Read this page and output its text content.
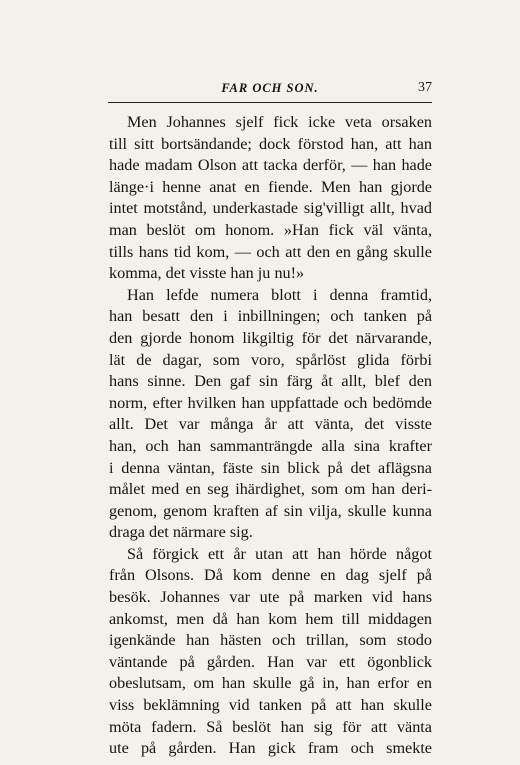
FAR OCH SON.	37
Men Johannes sjelf fick icke veta orsaken
till sitt bortsändande; dock förstod han, att han
hade madam Olson att tacka derför, — han hade
länge·i henne anat en fiende. Men han gjorde
intet motstånd, underkastade sig'villigt allt, hvad
man beslöt om honom. »Han fick väl vänta,
tills hans tid kom, — och att den en gång skulle
komma, det visste han ju nu!»
Han lefde numera blott i denna framtid,
han besatt den i inbillningen; och tanken på
den gjorde honom likgiltig för det närvarande,
lät de dagar, som voro, spårlöst glida förbi
hans sinne. Den gaf sin färg åt allt, blef den
norm, efter hvilken han uppfattade och bedömde
allt. Det var många år att vänta, det visste
han, och han sammanträngde alla sina krafter
i denna väntan, fäste sin blick på det aflägsna
målet med en seg ihärdighet, som om han deri-
genom, genom kraften af sin vilja, skulle kunna
draga det närmare sig.
Så förgick ett år utan att han hörde något
från Olsons. Då kom denne en dag sjelf på
besök. Johannes var ute på marken vid hans
ankomst, men då han kom hem till middagen
igenkände han hästen och trillan, som stodo
väntande på gården. Han var ett ögonblick
obeslutsam, om han skulle gå in, han erfor en
viss beklämning vid tanken på att han skulle
möta fadern. Så beslöt han sig för att vänta
ute på gården. Han gick fram och smekte
